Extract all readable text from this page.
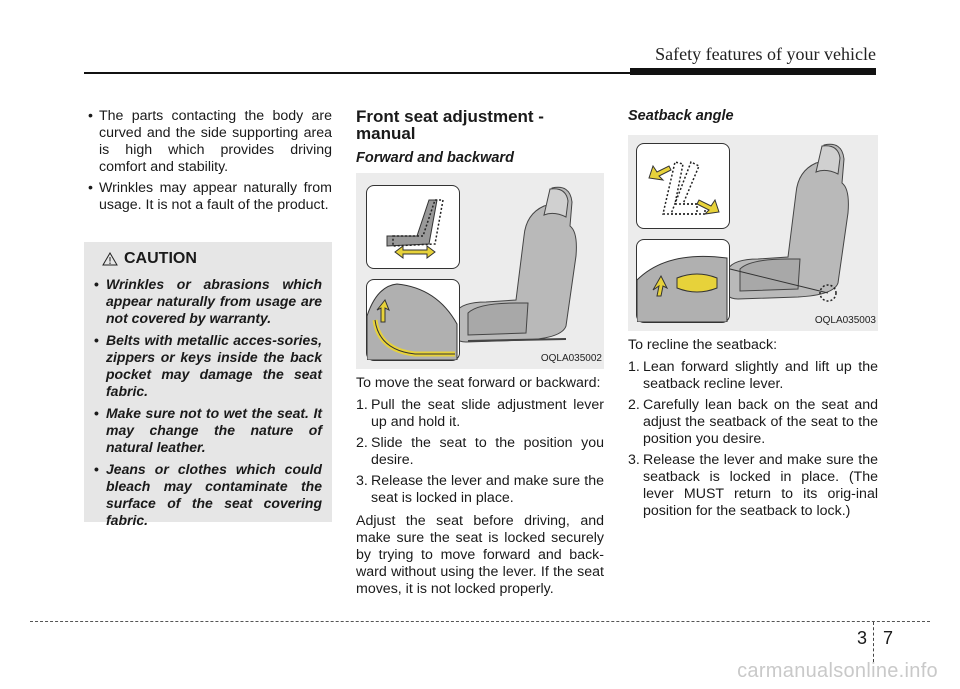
Safety features of your vehicle
• The parts contacting the body are curved and the side supporting area is high which provides driving comfort and stability.
• Wrinkles may appear naturally from usage. It is not a fault of the product.
CAUTION
• Wrinkles or abrasions which appear naturally from usage are not covered by warranty.
• Belts with metallic acces-sories, zippers or keys inside the back pocket may damage the seat fabric.
• Make sure not to wet the seat. It may change the nature of natural leather.
• Jeans or clothes which could bleach may contaminate the surface of the seat covering fabric.
Front seat adjustment - manual
Forward and backward
OQLA035002

To move the seat forward or backward:

1. Pull the seat slide adjustment lever up and hold it.
2. Slide the seat to the position you desire.
3. Release the lever and make sure the seat is locked in place.

Adjust the seat before driving, and make sure the seat is locked securely by trying to move forward and back-ward without using the lever. If the seat moves, it is not locked properly.

Seatback angle
OQLA035003

To recline the seatback:

1. Lean forward slightly and lift up the seatback recline lever.
2. Carefully lean back on the seat and adjust the seatback of the seat to the position you desire.
3. Release the lever and make sure the seatback is locked in place. (The lever MUST return to its orig-inal position for the seatback to lock.)
3 7
carmanualsonline.info
